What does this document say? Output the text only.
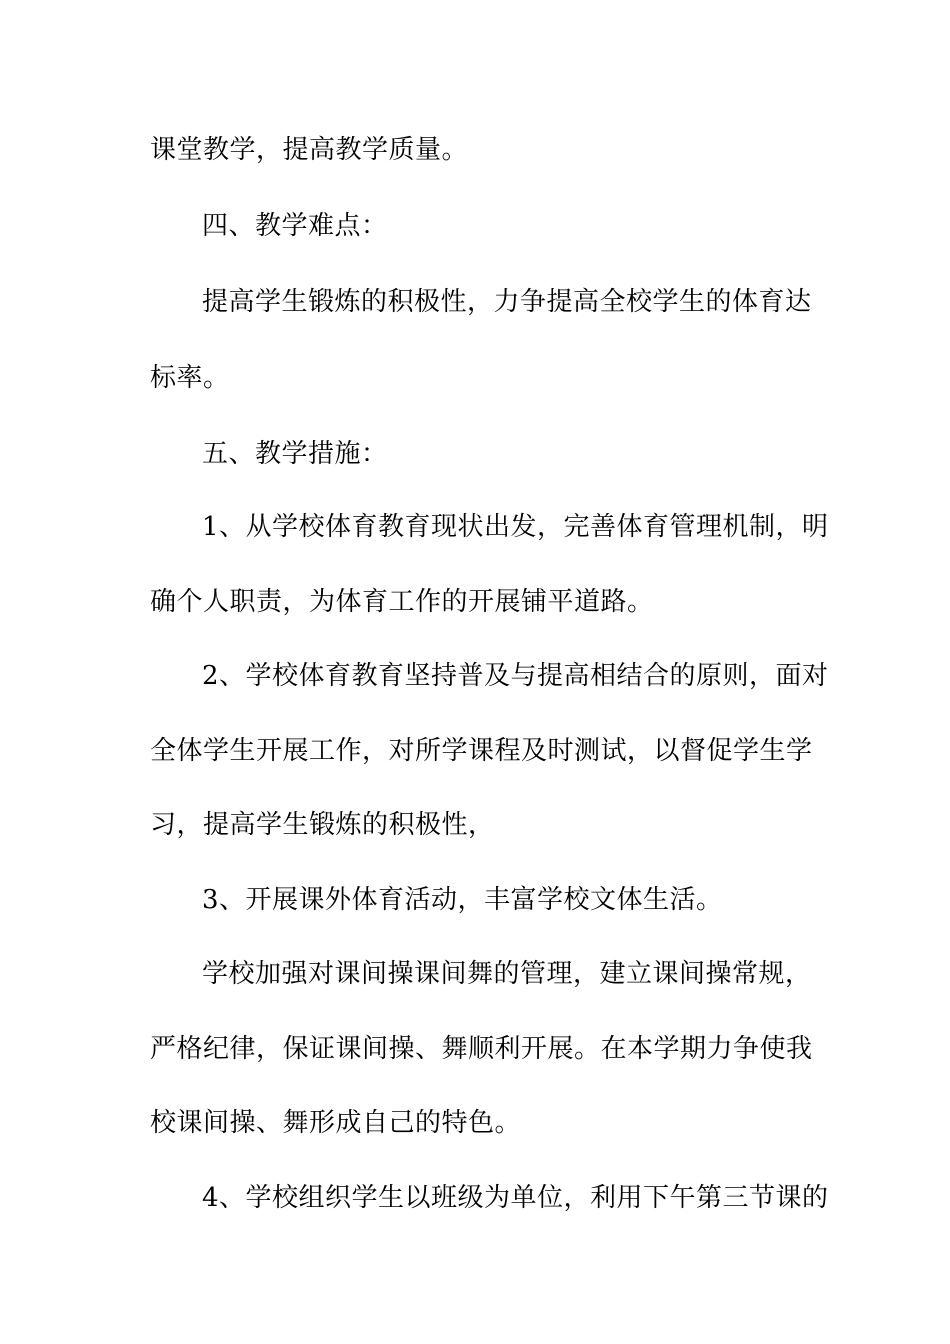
课堂教学，提高教学质量。
四、教学难点：
提高学生锻炼的积极性，力争提高全校学生的体育达
标率。
五、教学措施：
1、从学校体育教育现状出发，完善体育管理机制，明
确个人职责，为体育工作的开展铺平道路。
2、学校体育教育坚持普及与提高相结合的原则，面对
全体学生开展工作，对所学课程及时测试，以督促学生学
习，提高学生锻炼的积极性，
3、开展课外体育活动，丰富学校文体生活。
学校加强对课间操课间舞的管理，建立课间操常规，
严格纪律，保证课间操、舞顺利开展。在本学期力争使我
校课间操、舞形成自己的特色。
4、学校组织学生以班级为单位，利用下午第三节课的
